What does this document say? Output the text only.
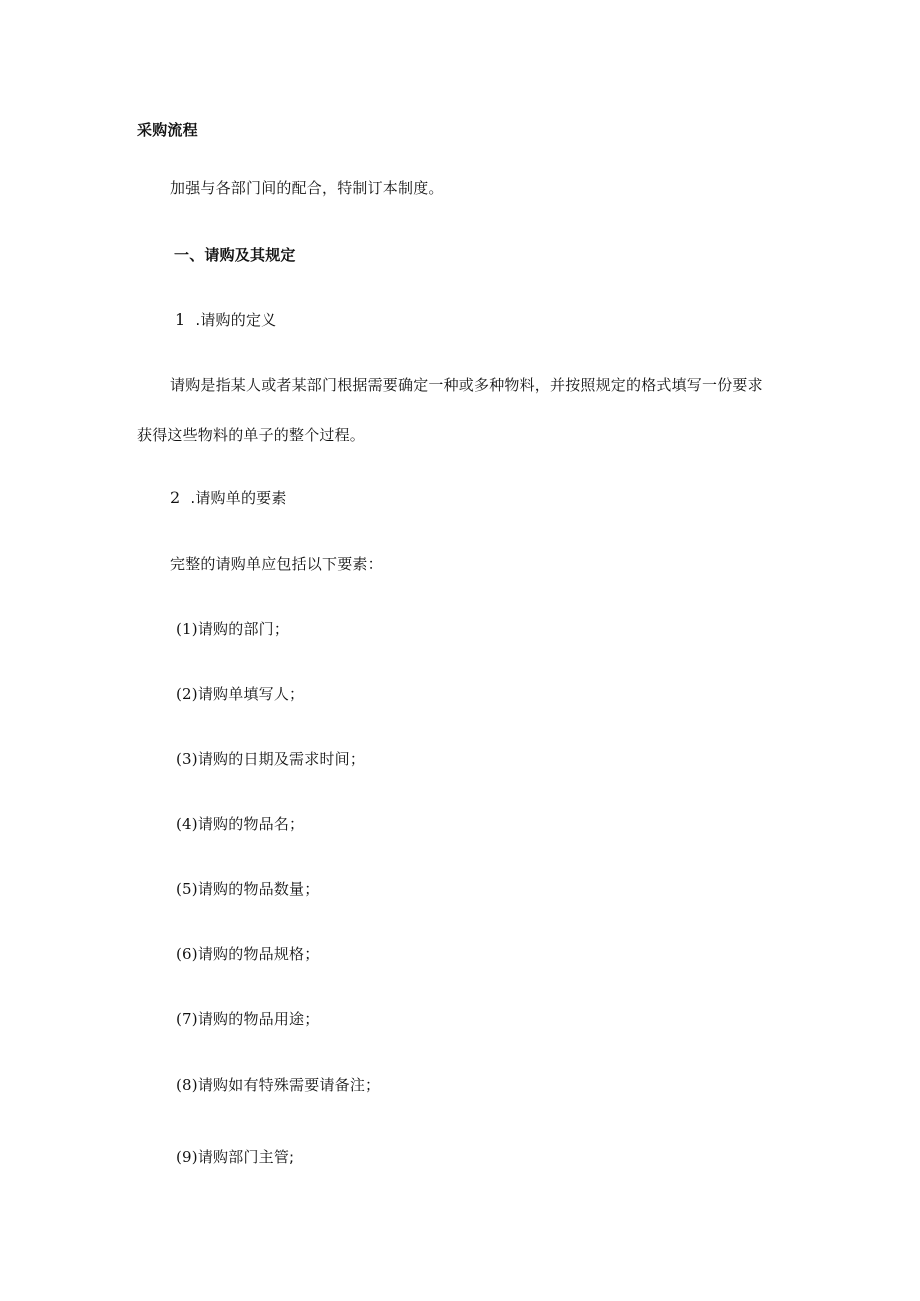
采购流程
加强与各部门间的配合，特制订本制度。
一、请购及其规定
1 .请购的定义
请购是指某人或者某部门根据需要确定一种或多种物料，并按照规定的格式填写一份要求
获得这些物料的单子的整个过程。
2 .请购单的要素
完整的请购单应包括以下要素：
(1)请购的部门；
(2)请购单填写人；
(3)请购的日期及需求时间；
(4)请购的物品名；
(5)请购的物品数量；
(6)请购的物品规格；
(7)请购的物品用途；
(8)请购如有特殊需要请备注；
(9)请购部门主管;
